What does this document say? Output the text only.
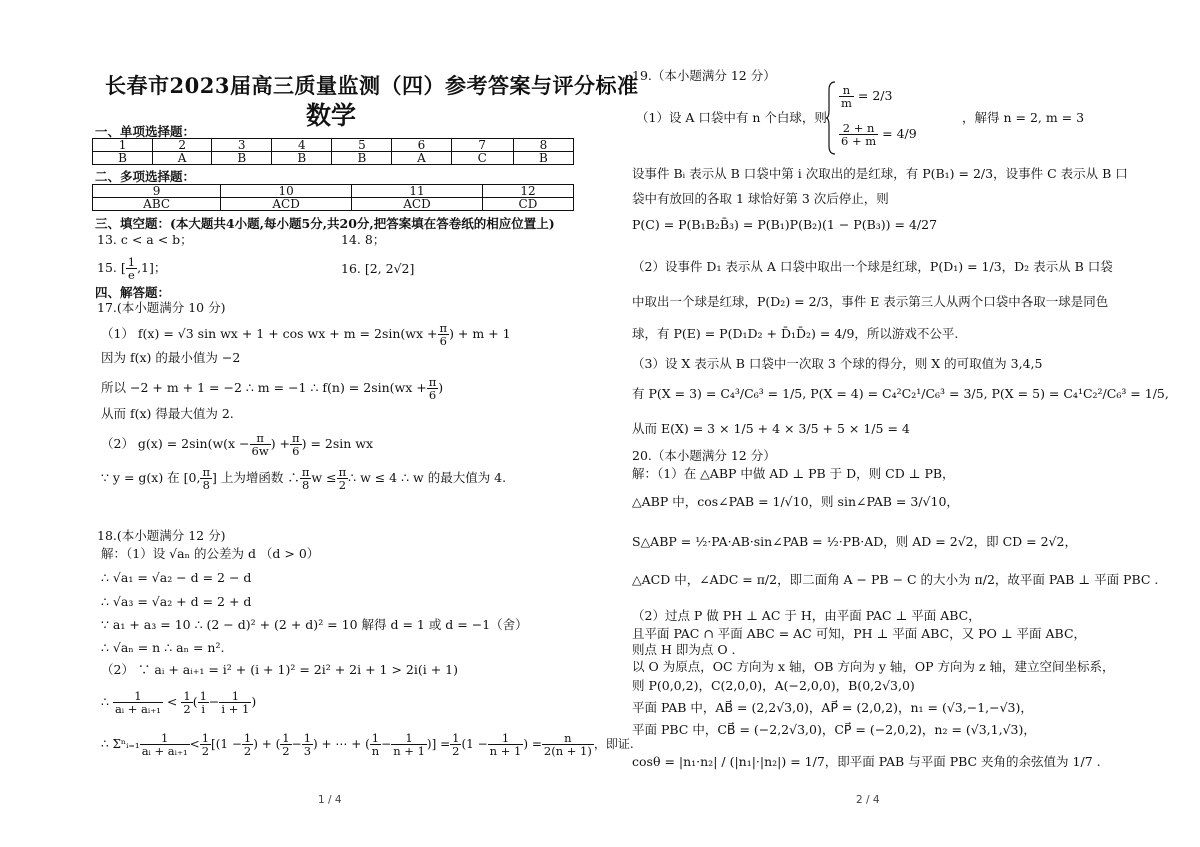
长春市2023届高三质量监测（四）参考答案与评分标准
数学
一、单项选择题：
1	2	3	4	5	6	7	8
B	A	B	B	B	A	C	B
二、多项选择题：
9	10	11	12
ABC	ACD	ACD	CD
三、填空题：(本大题共4小题,每小题5分,共20分,把答案填在答卷纸的相应位置上)
13. c < a < b；	14. 8；
15. [ $\frac{1}{e} ,1$]；	16. [2, 2√2]
四、解答题：
17.(本小题满分 10 分)
（1） f(x) = √3 sin wx + 1 + cos wx + $m = 2\sin(wx + \frac{\pi}{6}$ ) + m + 1
因为 f(x) 的最小值为 −2
所以 −2 + m + 1 = −2 ∴ m = −1 ∴ $f(n) = 2\sin(wx + \frac{\pi}{6}$ )
从而 f(x) 得最大值为 2.
（2） $g(x) = 2\sin(w(x - \frac{\pi}{6w}$ ) + $\frac{\pi}{6}$ ) = 2sin wx
∵ y = g(x) 在 [0, $\frac{\pi}{8}$ ] 上为增函数 ∴ $\frac{\pi}{8}$ $w \le \frac{\pi}{2}$ ∴ w ≤ 4 ∴ w 的最大值为 4.
18.(本小题满分 12 分)
解：（1）设 √aₙ 的公差为 d （d > 0）
∴ √a₁ = √a₂ − d = 2 − d
∴ √a₃ = √a₂ + d = 2 + d
∵ a₁ + a₃ = 10 ∴ (2 − d)² + (2 + d)² = 10 解得 d = 1 或 d = −1（舍）
∴ √aₙ = n ∴ aₙ = n².
（2） ∵ aᵢ + aᵢ₊₁ = i² + (i + 1)² = 2i² + 2i + 1 > 2i(i + 1)
∴ $\frac{1}{\text{aᵢ + aᵢ₊₁}} < \frac{1}{2}$ ( $\frac{1}{i} - \frac{1}{i + 1}$ )
∴ Σⁿᵢ₌₁ $\frac{1}{\text{aᵢ + aᵢ₊₁}} < \frac{1}{2} [(1 - \frac{1}{2}$ ) + ( $\frac{1}{2} - \frac{1}{3}$ ) + ⋯ + ( $\frac{1}{n} - \frac{1}{n + 1}$ )] = $\frac{1}{2} (1 - \frac{1}{n + 1}$ ) = $\frac{n}{2(n + 1)}$ ，即证.
1 / 4
19.（本小题满分 12 分）
（1）设 A 口袋中有 n 个白球，则
$\frac{n}{m} = 2/3$
$\frac{2 + n}{6 + m} = 4/9$
，解得 n = 2, m = 3
设事件 Bᵢ 表示从 B 口袋中第 i 次取出的是红球，有 P(B₁) = 2/3，设事件 C 表示从 B 口
袋中有放回的各取 1 球恰好第 3 次后停止，则
P(C) = P(B₁B₂B̄₃) = P(B₁)P(B₂)(1 − P(B₃)) = 4/27
（2）设事件 D₁ 表示从 A 口袋中取出一个球是红球，P(D₁) = 1/3，D₂ 表示从 B 口袋
中取出一个球是红球，P(D₂) = 2/3，事件 E 表示第三人从两个口袋中各取一球是同色
球，有 P(E) = P(D₁D₂ + D̄₁D̄₂) = 4/9，所以游戏不公平.
（3）设 X 表示从 B 口袋中一次取 3 个球的得分，则 X 的可取值为 3,4,5
有 P(X = 3) = C₄³/C₆³ = 1/5, P(X = 4) = C₄²C₂¹/C₆³ = 3/5, P(X = 5) = C₄¹C₂²/C₆³ = 1/5,
从而 E(X) = 3 × 1/5 + 4 × 3/5 + 5 × 1/5 = 4
20.（本小题满分 12 分）
解：（1）在 △ABP 中做 AD ⊥ PB 于 D，则 CD ⊥ PB，
△ABP 中，cos∠PAB = 1/√10，则 sin∠PAB = 3/√10，
S△ABP = ½·PA·AB·sin∠PAB = ½·PB·AD，则 AD = 2√2，即 CD = 2√2，
△ACD 中，∠ADC = π/2，即二面角 A − PB − C 的大小为 π/2，故平面 PAB ⊥ 平面 PBC .
（2）过点 P 做 PH ⊥ AC 于 H，由平面 PAC ⊥ 平面 ABC，
且平面 PAC ∩ 平面 ABC = AC 可知，PH ⊥ 平面 ABC，又 PO ⊥ 平面 ABC，
则点 H 即为点 O .
以 O 为原点，OC 方向为 x 轴，OB 方向为 y 轴，OP 方向为 z 轴，建立空间坐标系，
则 P(0,0,2)，C(2,0,0)，A(−2,0,0)，B(0,2√3,0)
平面 PAB 中，AB⃗ = (2,2√3,0)，AP⃗ = (2,0,2)，n₁ = (√3,−1,−√3)，
平面 PBC 中，CB⃗ = (−2,2√3,0)，CP⃗ = (−2,0,2)，n₂ = (√3,1,√3)，
cosθ = |n₁·n₂| / (|n₁|·|n₂|) = 1/7，即平面 PAB 与平面 PBC 夹角的余弦值为 1/7 .
2 / 4
